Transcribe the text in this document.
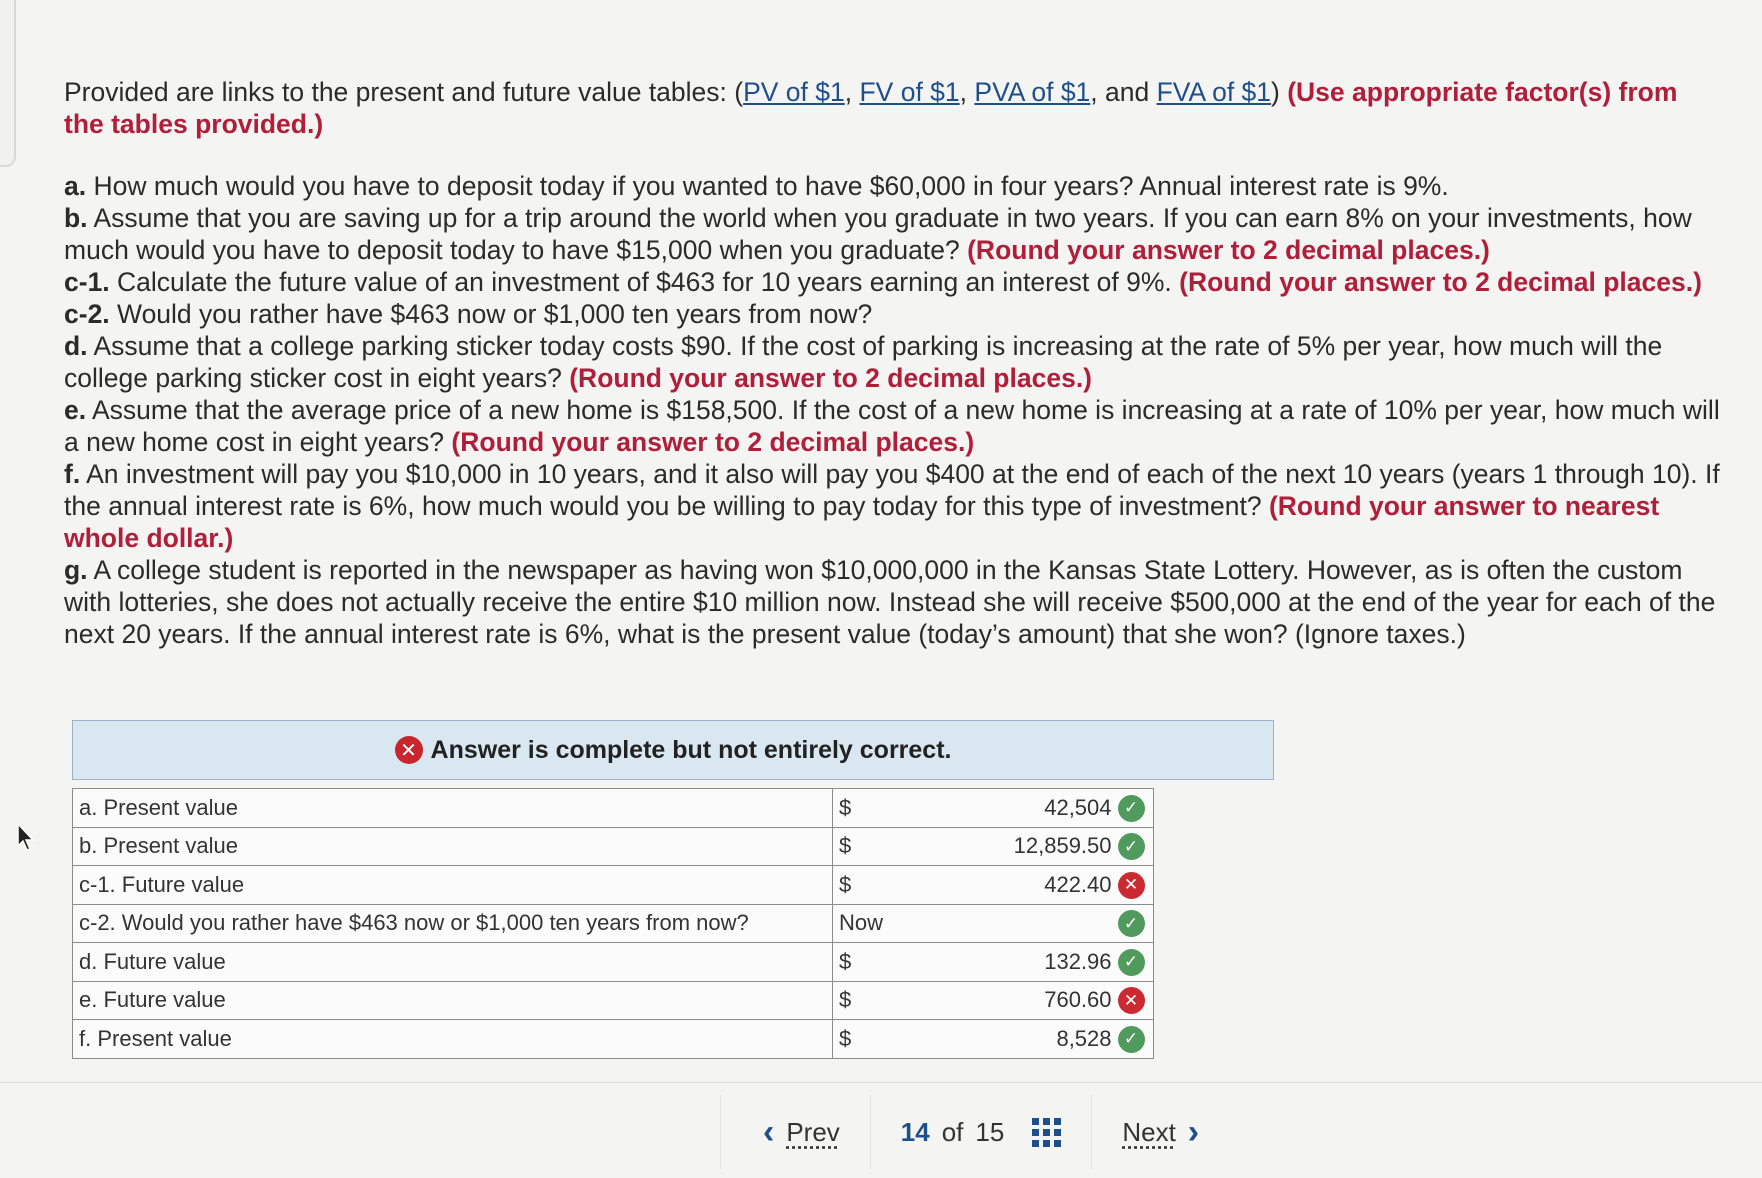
Provided are links to the present and future value tables: (PV of $1, FV of $1, PVA of $1, and FVA of $1) (Use appropriate factor(s) from the tables provided.)

a. How much would you have to deposit today if you wanted to have $60,000 in four years? Annual interest rate is 9%.

b. Assume that you are saving up for a trip around the world when you graduate in two years. If you can earn 8% on your investments, how much would you have to deposit today to have $15,000 when you graduate? (Round your answer to 2 decimal places.)

c-1. Calculate the future value of an investment of $463 for 10 years earning an interest of 9%. (Round your answer to 2 decimal places.)

c-2. Would you rather have $463 now or $1,000 ten years from now?

d. Assume that a college parking sticker today costs $90. If the cost of parking is increasing at the rate of 5% per year, how much will the college parking sticker cost in eight years? (Round your answer to 2 decimal places.)

e. Assume that the average price of a new home is $158,500. If the cost of a new home is increasing at a rate of 10% per year, how much will a new home cost in eight years? (Round your answer to 2 decimal places.)

f. An investment will pay you $10,000 in 10 years, and it also will pay you $400 at the end of each of the next 10 years (years 1 through 10). If the annual interest rate is 6%, how much would you be willing to pay today for this type of investment? (Round your answer to nearest whole dollar.)

g. A college student is reported in the newspaper as having won $10,000,000 in the Kansas State Lottery. However, as is often the custom with lotteries, she does not actually receive the entire $10 million now. Instead she will receive $500,000 at the end of the year for each of the next 20 years. If the annual interest rate is 6%, what is the present value (today’s amount) that she won? (Ignore taxes.)

✕ Answer is complete but not entirely correct.
a. Present value	$	42,504 ✓
b. Present value	$	12,859.50 ✓
c-1. Future value	$	422.40 ✕
c-2. Would you rather have $463 now or $1,000 ten years from now?	Now	✓
d. Future value	$	132.96 ✓
e. Future value	$	760.60 ✕
f. Present value	$	8,528 ✓
‹ Prev 14 of 15	Next ›
